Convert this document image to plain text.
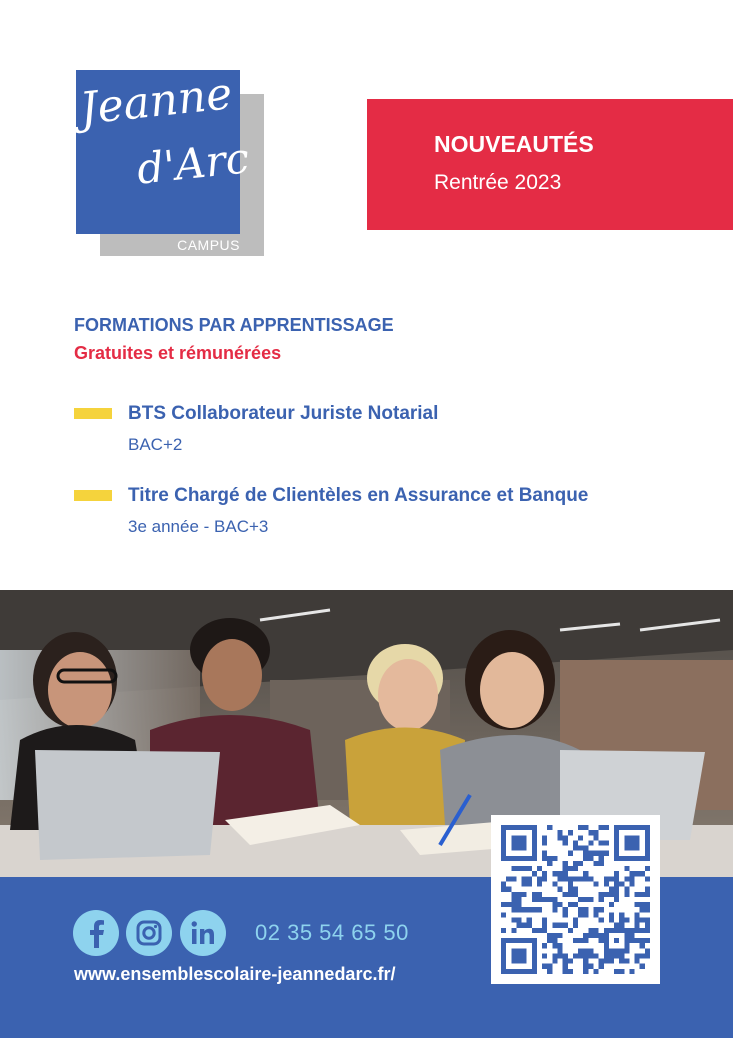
Jeanne
d'Arc
CAMPUS
NOUVEAUTÉS
Rentrée 2023
FORMATIONS PAR APPRENTISSAGE
Gratuites et rémunérées
BTS Collaborateur Juriste Notarial
BAC+2
Titre Chargé de Clientèles en Assurance et Banque
3e année - BAC+3
02 35 54 65 50
www.ensemblescolaire-jeannedarc.fr/
